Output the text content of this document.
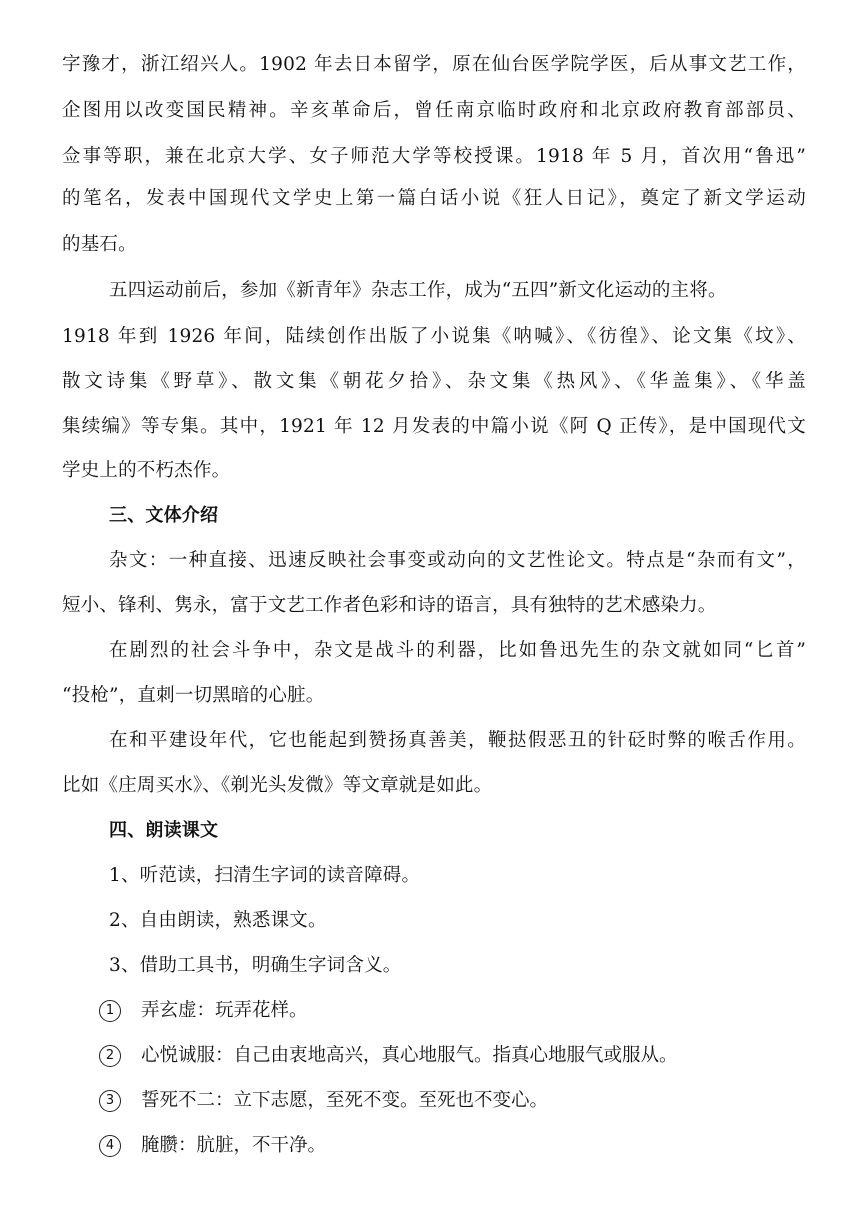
字豫才，浙江绍兴人。1902 年去日本留学，原在仙台医学院学医，后从事文艺工作，
企图用以改变国民精神。辛亥革命后，曾任南京临时政府和北京政府教育部部员、
佥事等职，兼在北京大学、女子师范大学等校授课。1918 年 5 月，首次用“鲁迅”
的笔名，发表中国现代文学史上第一篇白话小说《狂人日记》，奠定了新文学运动
的基石。
五四运动前后，参加《新青年》杂志工作，成为“五四”新文化运动的主将。
1918 年到 1926 年间，陆续创作出版了小说集《呐喊》、《彷徨》、论文集《坟》、
散文诗集《野草》、散文集《朝花夕拾》、杂文集《热风》、《华盖集》、《华盖
集续编》等专集。其中，1921 年 12 月发表的中篇小说《阿 Q 正传》，是中国现代文
学史上的不朽杰作。
三、文体介绍
杂文：一种直接、迅速反映社会事变或动向的文艺性论文。特点是“杂而有文”，
短小、锋利、隽永，富于文艺工作者色彩和诗的语言，具有独特的艺术感染力。
在剧烈的社会斗争中，杂文是战斗的利器，比如鲁迅先生的杂文就如同“匕首”
“投枪”，直刺一切黑暗的心脏。
在和平建设年代，它也能起到赞扬真善美，鞭挞假恶丑的针砭时弊的喉舌作用。
比如《庄周买水》、《剃光头发微》等文章就是如此。
四、朗读课文
1、听范读，扫清生字词的读音障碍。
2、自由朗读，熟悉课文。
3、借助工具书，明确生字词含义。
1 弄玄虚：玩弄花样。
2 心悦诚服：自己由衷地高兴，真心地服气。指真心地服气或服从。
3 誓死不二：立下志愿，至死不变。至死也不变心。
4 腌臜：肮脏，不干净。
